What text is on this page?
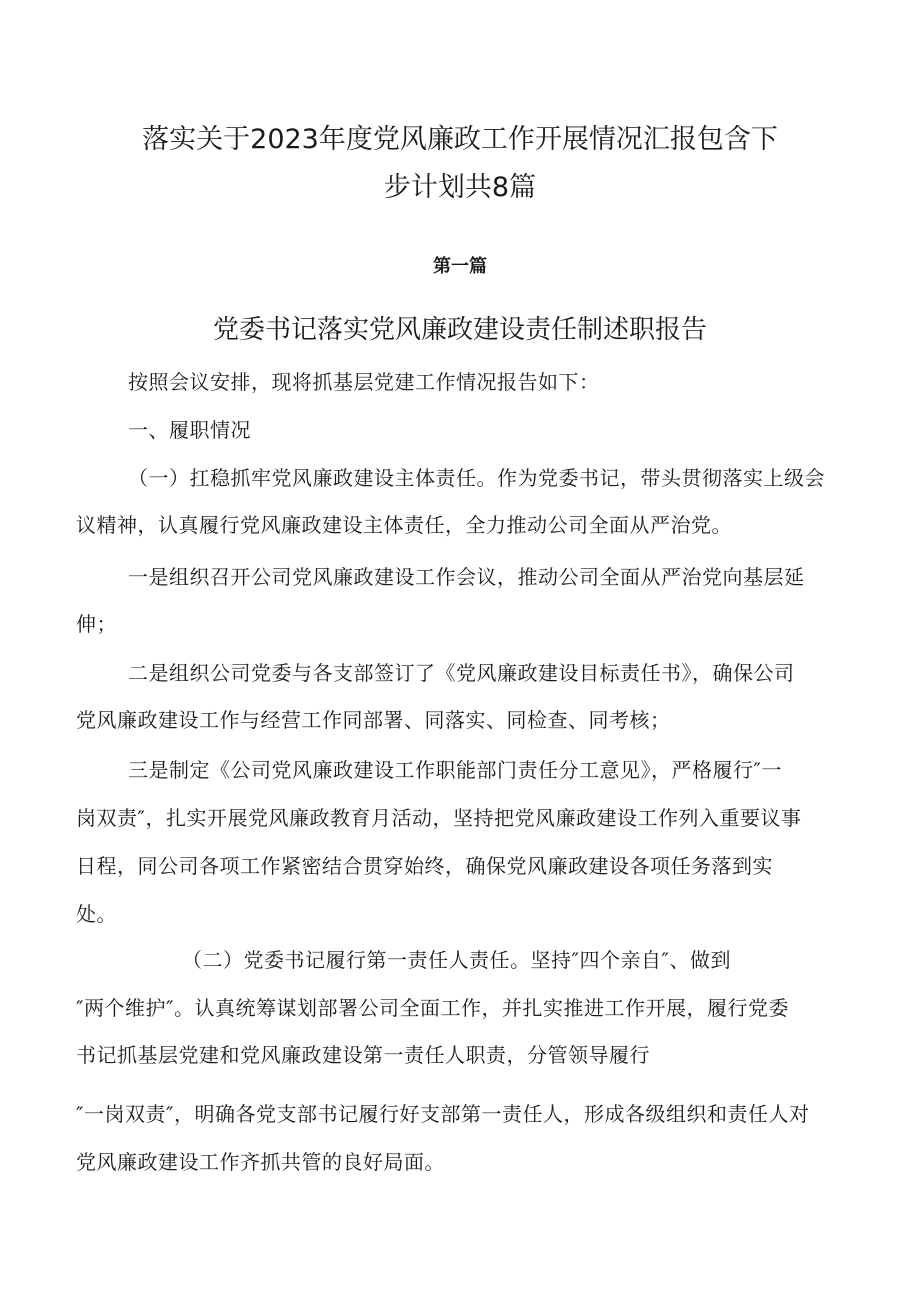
落实关于2023年度党风廉政工作开展情况汇报包含下
步计划共8篇
第一篇
党委书记落实党风廉政建设责任制述职报告
按照会议安排，现将抓基层党建工作情况报告如下：
一、履职情况
（一）扛稳抓牢党风廉政建设主体责任。作为党委书记，带头贯彻落实上级会
议精神，认真履行党风廉政建设主体责任，全力推动公司全面从严治党。
一是组织召开公司党风廉政建设工作会议，推动公司全面从严治党向基层延
伸；
二是组织公司党委与各支部签订了《党风廉政建设目标责任书》，确保公司
党风廉政建设工作与经营工作同部署、同落实、同检查、同考核；
三是制定《公司党风廉政建设工作职能部门责任分工意见》，严格履行″一
岗双责″，扎实开展党风廉政教育月活动，坚持把党风廉政建设工作列入重要议事
日程，同公司各项工作紧密结合贯穿始终，确保党风廉政建设各项任务落到实
处。
（二）党委书记履行第一责任人责任。坚持″四个亲自″、做到
″两个维护″。认真统筹谋划部署公司全面工作，并扎实推进工作开展，履行党委
书记抓基层党建和党风廉政建设第一责任人职责，分管领导履行
″一岗双责″，明确各党支部书记履行好支部第一责任人，形成各级组织和责任人对
党风廉政建设工作齐抓共管的良好局面。
